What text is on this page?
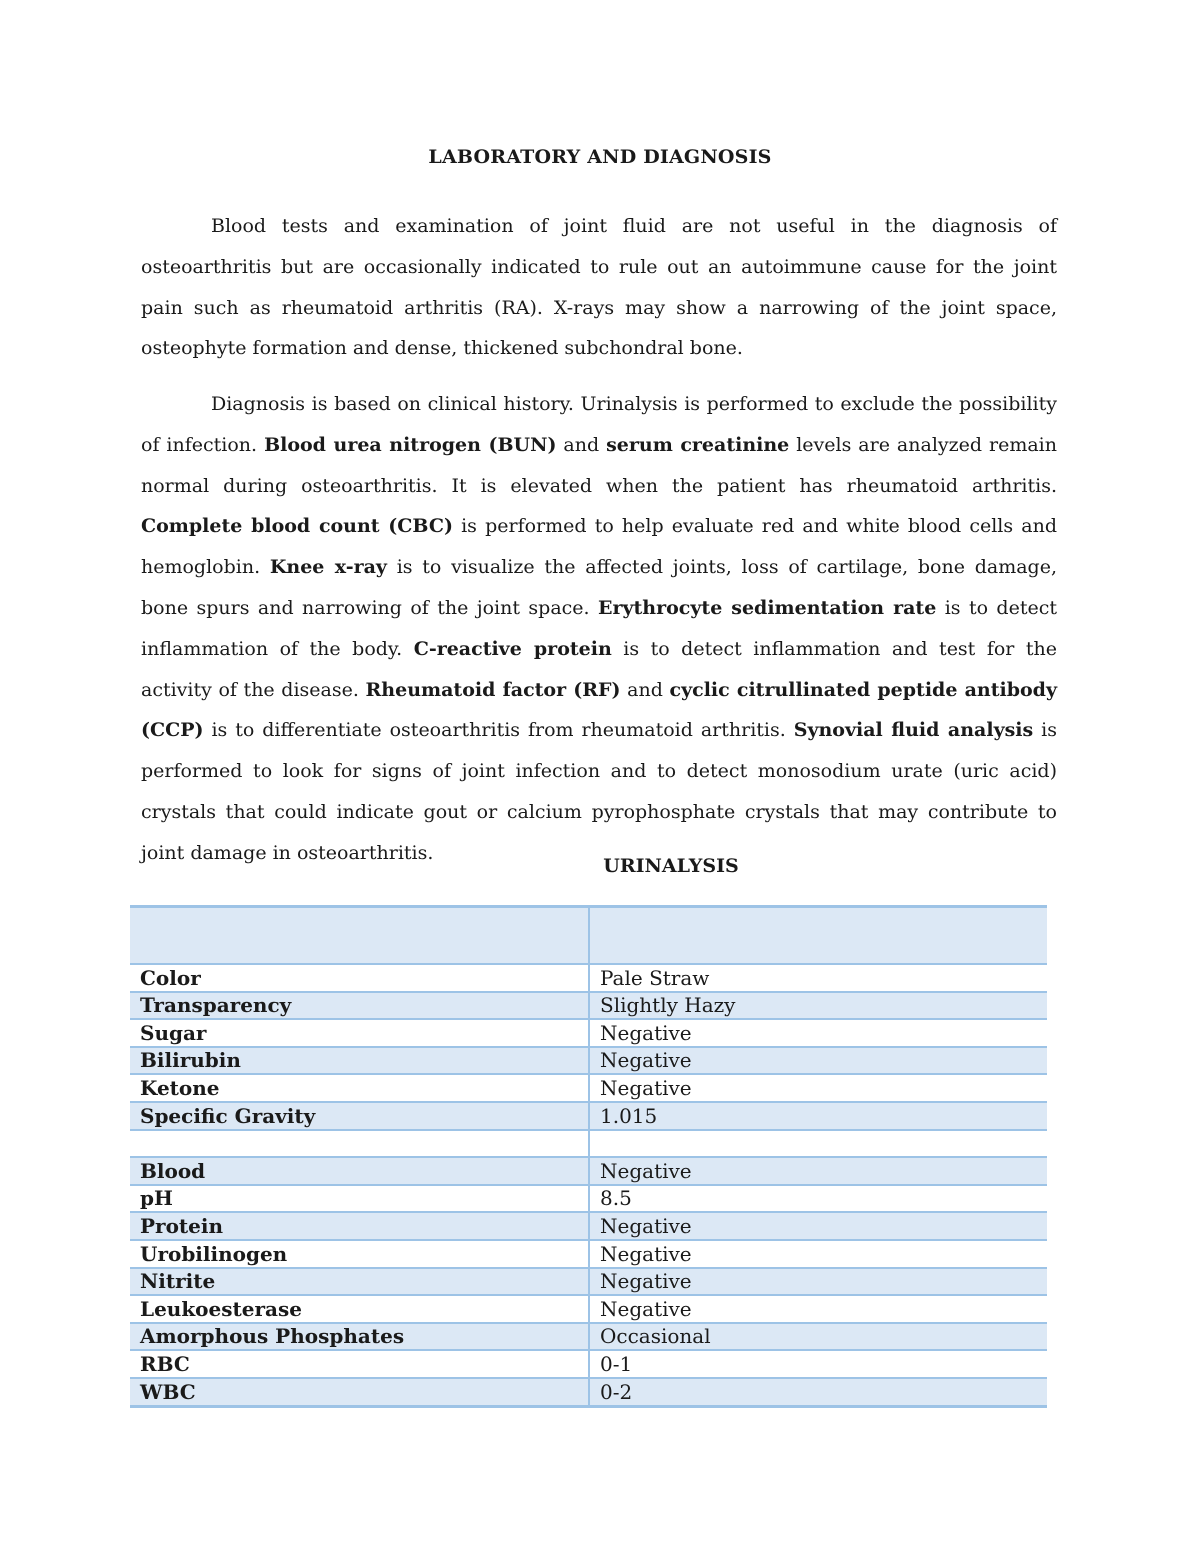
LABORATORY AND DIAGNOSIS

Blood tests and examination of joint fluid are not useful in the diagnosis of osteoarthritis but are occasionally indicated to rule out an autoimmune cause for the joint pain such as rheumatoid arthritis (RA). X-rays may show a narrowing of the joint space, osteophyte formation and dense, thickened subchondral bone.

Diagnosis is based on clinical history. Urinalysis is performed to exclude the possibility of infection. Blood urea nitrogen (BUN) and serum creatinine levels are analyzed remain normal during osteoarthritis. It is elevated when the patient has rheumatoid arthritis. Complete blood count (CBC) is performed to help evaluate red and white blood cells and hemoglobin. Knee x-ray is to visualize the affected joints, loss of cartilage, bone damage, bone spurs and narrowing of the joint space. Erythrocyte sedimentation rate is to detect inflammation of the body. C-reactive protein is to detect inflammation and test for the activity of the disease. Rheumatoid factor (RF) and cyclic citrullinated peptide antibody (CCP) is to differentiate osteoarthritis from rheumatoid arthritis. Synovial fluid analysis is performed to look for signs of joint infection and to detect monosodium urate (uric acid) crystals that could indicate gout or calcium pyrophosphate crystals that may contribute to joint damage in osteoarthritis.

URINALYSIS

Color	Pale Straw
Transparency	Slightly Hazy
Sugar	Negative
Bilirubin	Negative
Ketone	Negative
Specific Gravity	1.015

Blood	Negative
pH	8.5
Protein	Negative
Urobilinogen	Negative
Nitrite	Negative
Leukoesterase	Negative
Amorphous Phosphates	Occasional
RBC	0-1
WBC	0-2
